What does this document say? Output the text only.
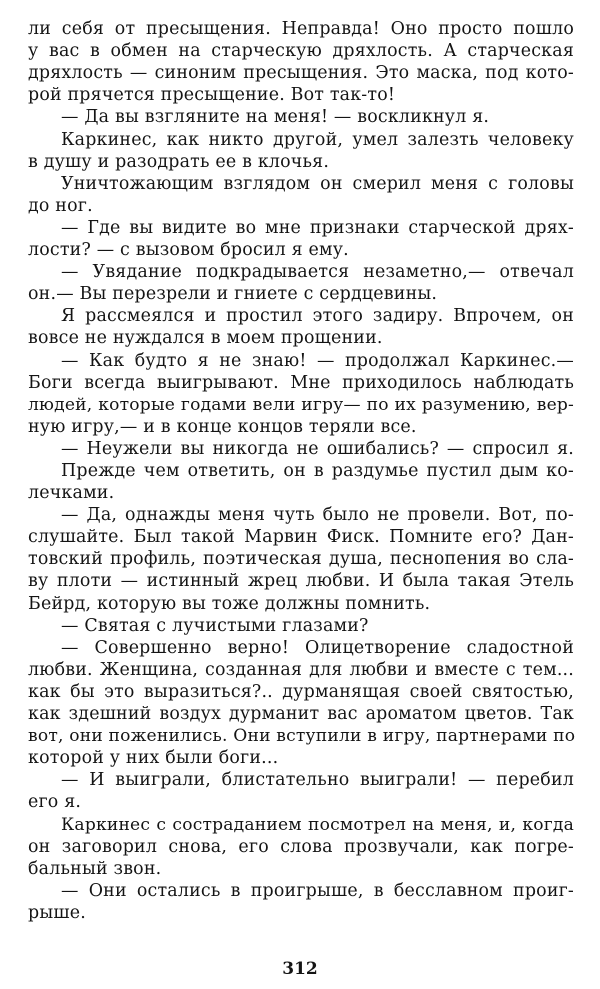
ли себя от пресыщения. Неправда! Оно просто пошло
у вас в обмен на старческую дряхлость. А старческая
дряхлость — синоним пресыщения. Это маска, под кото-
рой прячется пресыщение. Вот так-то!
— Да вы взгляните на меня! — воскликнул я.
Каркинес, как никто другой, умел залезть человеку
в душу и разодрать ее в клочья.
Уничтожающим взглядом он смерил меня с головы
до ног.
— Где вы видите во мне признаки старческой дрях-
лости? — с вызовом бросил я ему.
— Увядание подкрадывается незаметно,— отвечал
он.— Вы перезрели и гниете с сердцевины.
Я рассмеялся и простил этого задиру. Впрочем, он
вовсе не нуждался в моем прощении.
— Как будто я не знаю! — продолжал Каркинес.—
Боги всегда выигрывают. Мне приходилось наблюдать
людей, которые годами вели игру— по их разумению, вер-
ную игру,— и в конце концов теряли все.
— Неужели вы никогда не ошибались? — спросил я.
Прежде чем ответить, он в раздумье пустил дым ко-
лечками.
— Да, однажды меня чуть было не провели. Вот, по-
слушайте. Был такой Марвин Фиск. Помните его? Дан-
товский профиль, поэтическая душа, песнопения во сла-
ву плоти — истинный жрец любви. И была такая Этель
Бейрд, которую вы тоже должны помнить.
— Святая с лучистыми глазами?
— Совершенно верно! Олицетворение сладостной
любви. Женщина, созданная для любви и вместе с тем...
как бы это выразиться?.. дурманящая своей святостью,
как здешний воздух дурманит вас ароматом цветов. Так
вот, они поженились. Они вступили в игру, партнерами по
которой у них были боги...
— И выиграли, блистательно выиграли! — перебил
его я.
Каркинес с состраданием посмотрел на меня, и, когда
он заговорил снова, его слова прозвучали, как погре-
бальный звон.
— Они остались в проигрыше, в бесславном проиг-
рыше.
312
